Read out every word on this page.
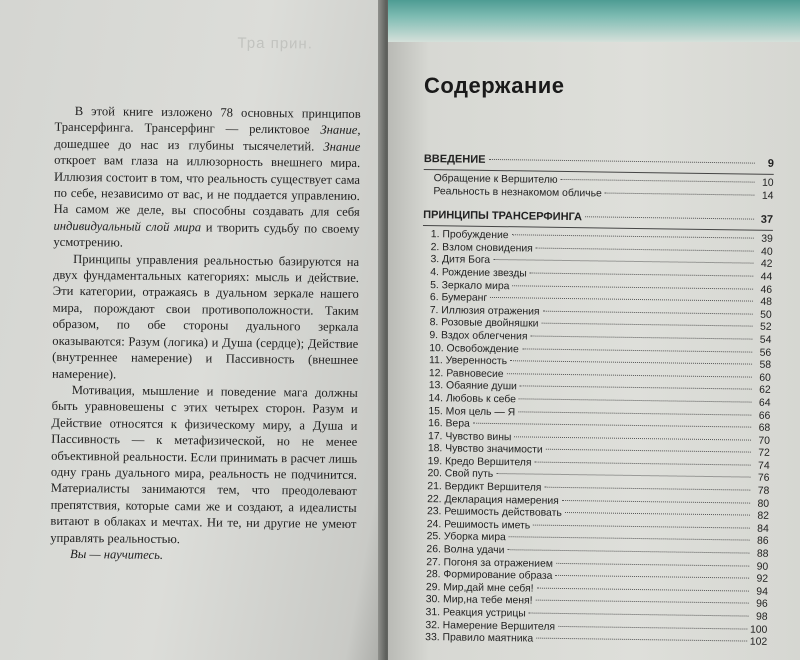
Тра прин.

В этой книге изложено 78 основных принципов Трансерфинга. Трансерфинг — реликтовое Знание, дошедшее до нас из глубины тысячелетий. Знание откроет вам глаза на иллюзорность внешнего мира. Иллюзия состоит в том, что реальность существует сама по себе, независимо от вас, и не поддается управлению. На самом же деле, вы способны создавать для себя индивидуальный слой мира и творить судьбу по своему усмотрению.

Принципы управления реальностью базируются на двух фундаментальных категориях: мысль и действие. Эти категории, отражаясь в дуальном зеркале нашего мира, порождают свои противоположности. Таким образом, по обе стороны дуального зеркала оказываются: Разум (логика) и Душа (сердце); Действие (внутреннее намерение) и Пассивность (внешнее намерение).

Мотивация, мышление и поведение мага должны быть уравновешены с этих четырех сторон. Разум и Действие относятся к физическому миру, а Душа и Пассивность — к метафизической, но не менее объективной реальности. Если принимать в расчет лишь одну грань дуального мира, реальность не подчинится. Материалисты занимаются тем, что преодолевают препятствия, которые сами же и создают, а идеалисты витают в облаках и мечтах. Ни те, ни другие не умеют управлять реальностью.

Вы — научитесь.

Содержание
ВВЕДЕНИЕ	9
Обращение к Вершителю	10
Реальность в незнакомом обличье	14
ПРИНЦИПЫ ТРАНСЕРФИНГА	37
1. Пробуждение	39
2. Взлом сновидения	40
3. Дитя Бога	42
4. Рождение звезды	44
5. Зеркало мира	46
6. Бумеранг	48
7. Иллюзия отражения	50
8. Розовые двойняшки	52
9. Вздох облегчения	54
10. Освобождение	56
11. Уверенность	58
12. Равновесие	60
13. Обаяние души	62
14. Любовь к себе	64
15. Моя цель — Я	66
16. Вера	68
17. Чувство вины	70
18. Чувство значимости	72
19. Кредо Вершителя	74
20. Свой путь	76
21. Вердикт Вершителя	78
22. Декларация намерения	80
23. Решимость действовать	82
24. Решимость иметь	84
25. Уборка мира	86
26. Волна удачи	88
27. Погоня за отражением	90
28. Формирование образа	92
29. Мир,дай мне себя!	94
30. Мир,на тебе меня!	96
31. Реакция устрицы	98
32. Намерение Вершителя	100
33. Правило маятника	102
